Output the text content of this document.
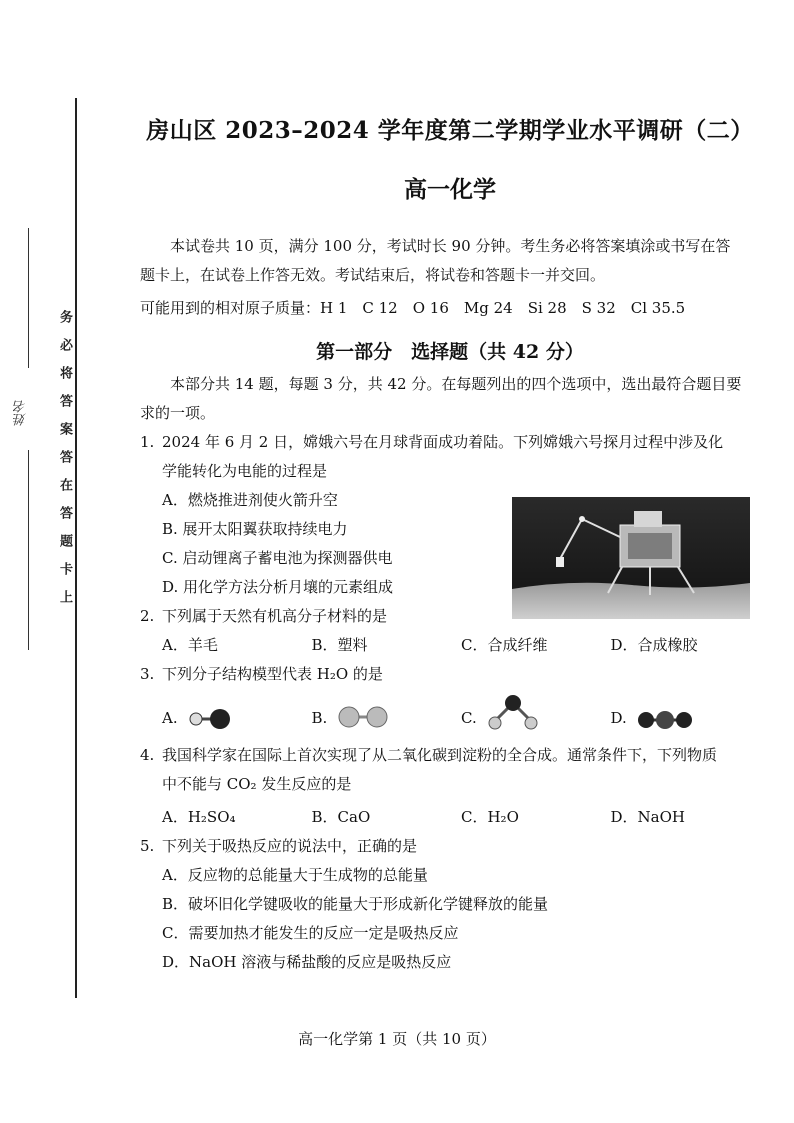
姓名	务必将答案答在答题卡上
房山区 2023–2024 学年度第二学期学业水平调研（二）
高一化学

本试卷共 10 页，满分 100 分，考试时长 90 分钟。考生务必将答案填涂或书写在答

题卡上，在试卷上作答无效。考试结束后，将试卷和答题卡一并交回。

可能用到的相对原子质量：H 1　C 12　O 16　Mg 24　Si 28　S 32　Cl 35.5

第一部分　选择题（共 42 分）

本部分共 14 题，每题 3 分，共 42 分。在每题列出的四个选项中，选出最符合题目要

求的一项。

1. 2024 年 6 月 2 日，嫦娥六号在月球背面成功着陆。下列嫦娥六号探月过程中涉及化
学能转化为电能的过程是
A．燃烧推进剂使火箭升空
B. 展开太阳翼获取持续电力
C. 启动锂离子蓄电池为探测器供电
D. 用化学方法分析月壤的元素组成
2. 下列属于天然有机高分子材料的是
A．羊毛	B．塑料	C．合成纤维	D．合成橡胶
3. 下列分子结构模型代表 H₂O 的是
A.	B.	C.	D.
4. 我国科学家在国际上首次实现了从二氧化碳到淀粉的全合成。通常条件下，下列物质
中不能与 CO₂ 发生反应的是
A．H₂SO₄	B．CaO	C．H₂O	D．NaOH
5. 下列关于吸热反应的说法中，正确的是
A．反应物的总能量大于生成物的总能量
B．破坏旧化学键吸收的能量大于形成新化学键释放的能量
C．需要加热才能发生的反应一定是吸热反应
D．NaOH 溶液与稀盐酸的反应是吸热反应
高一化学第 1 页（共 10 页）
